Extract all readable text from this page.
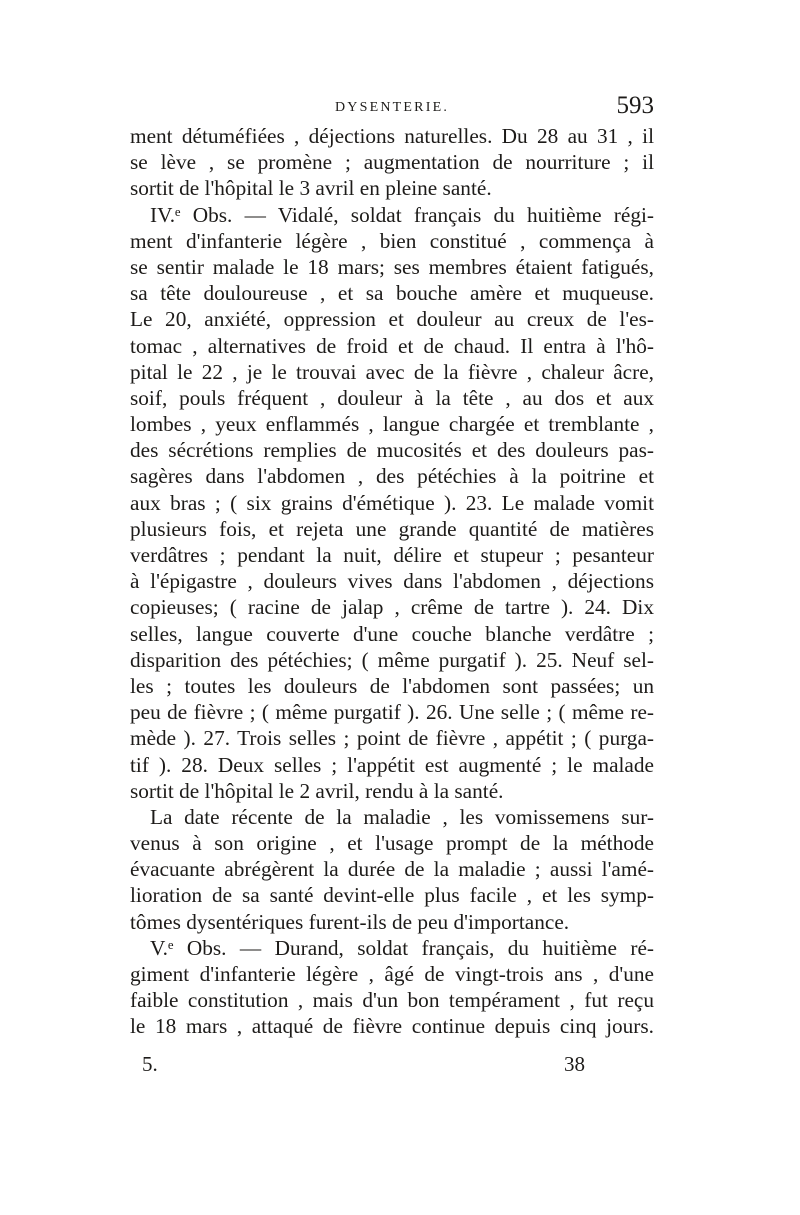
DYSENTERIE.	593
ment détuméfiées , déjections naturelles. Du 28 au 31 , il
se lève , se promène ; augmentation de nourriture ; il
sortit de l'hôpital le 3 avril en pleine santé.
IV.ᵉ Obs. — Vidalé, soldat français du huitième régi-
ment d'infanterie légère , bien constitué , commença à
se sentir malade le 18 mars; ses membres étaient fatigués,
sa tête douloureuse , et sa bouche amère et muqueuse.
Le 20, anxiété, oppression et douleur au creux de l'es-
tomac , alternatives de froid et de chaud. Il entra à l'hô-
pital le 22 , je le trouvai avec de la fièvre , chaleur âcre,
soif, pouls fréquent , douleur à la tête , au dos et aux
lombes , yeux enflammés , langue chargée et tremblante ,
des sécrétions remplies de mucosités et des douleurs pas-
sagères dans l'abdomen , des pétéchies à la poitrine et
aux bras ; ( six grains d'émétique ). 23. Le malade vomit
plusieurs fois, et rejeta une grande quantité de matières
verdâtres ; pendant la nuit, délire et stupeur ; pesanteur
à l'épigastre , douleurs vives dans l'abdomen , déjections
copieuses; ( racine de jalap , crême de tartre ). 24. Dix
selles, langue couverte d'une couche blanche verdâtre ;
disparition des pétéchies; ( même purgatif ). 25. Neuf sel-
les ; toutes les douleurs de l'abdomen sont passées; un
peu de fièvre ; ( même purgatif ). 26. Une selle ; ( même re-
mède ). 27. Trois selles ; point de fièvre , appétit ; ( purga-
tif ). 28. Deux selles ; l'appétit est augmenté ; le malade
sortit de l'hôpital le 2 avril, rendu à la santé.
La date récente de la maladie , les vomissemens sur-
venus à son origine , et l'usage prompt de la méthode
évacuante abrégèrent la durée de la maladie ; aussi l'amé-
lioration de sa santé devint-elle plus facile , et les symp-
tômes dysentériques furent-ils de peu d'importance.
V.ᵉ Obs. — Durand, soldat français, du huitième ré-
giment d'infanterie légère , âgé de vingt-trois ans , d'une
faible constitution , mais d'un bon tempérament , fut reçu
le 18 mars , attaqué de fièvre continue depuis cinq jours.
5.	38
